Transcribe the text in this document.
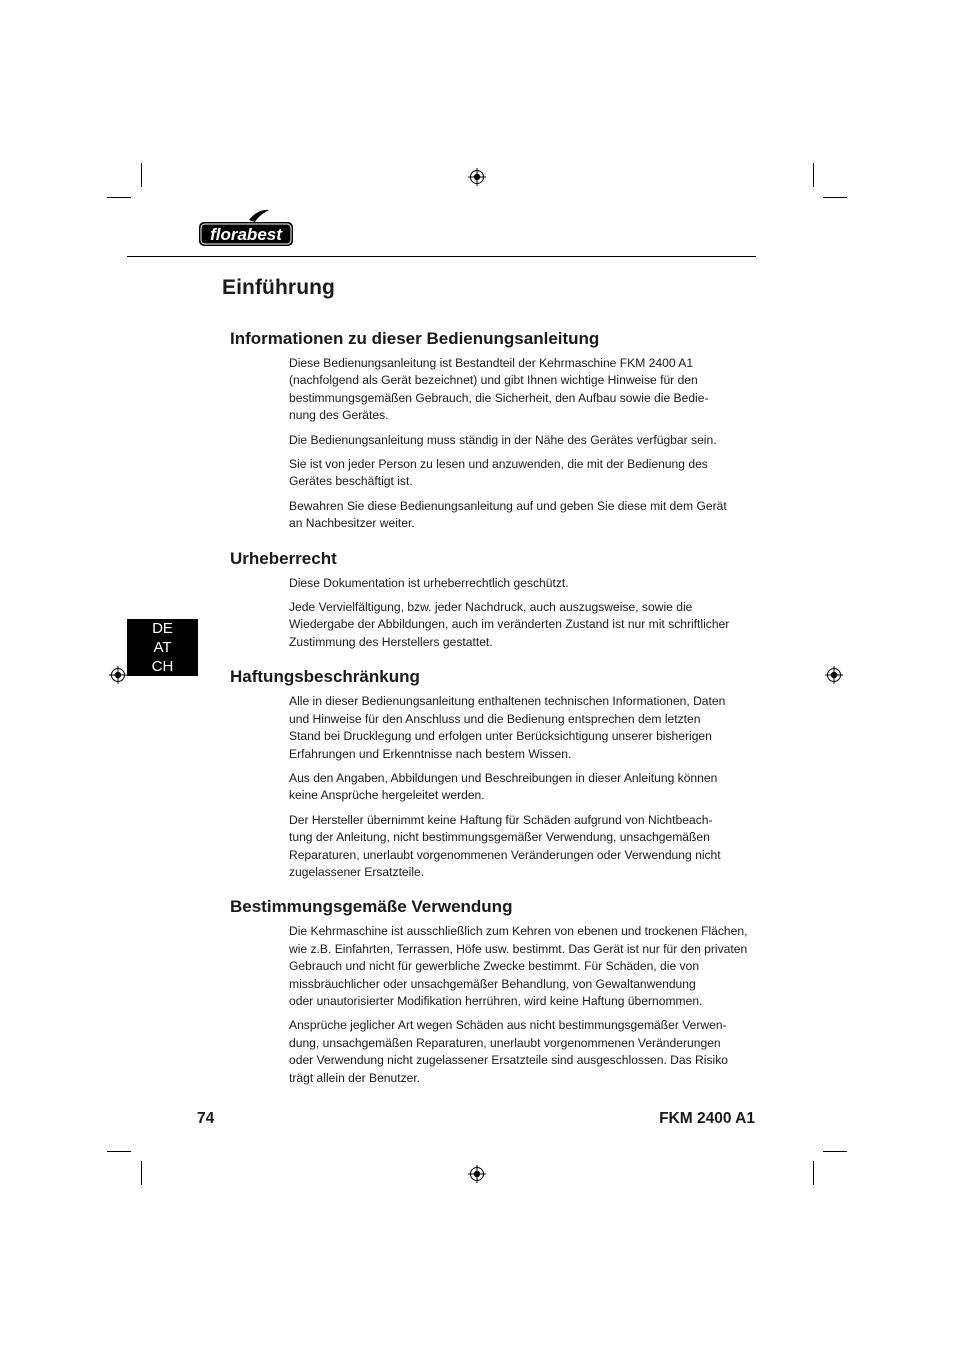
florabest
Einführung
DE
AT
CH
Informationen zu dieser Bedienungsanleitung

Diese Bedienungsanleitung ist Bestandteil der Kehrmaschine FKM 2400 A1
(nachfolgend als Gerät bezeichnet) und gibt Ihnen wichtige Hinweise für den
bestimmungsgemäßen Gebrauch, die Sicherheit, den Aufbau sowie die Bedie-
nung des Gerätes.

Die Bedienungsanleitung muss ständig in der Nähe des Gerätes verfügbar sein.

Sie ist von jeder Person zu lesen und anzuwenden, die mit der Bedienung des
Gerätes beschäftigt ist.

Bewahren Sie diese Bedienungsanleitung auf und geben Sie diese mit dem Gerät
an Nachbesitzer weiter.

Urheberrecht

Diese Dokumentation ist urheberrechtlich geschützt.

Jede Vervielfältigung, bzw. jeder Nachdruck, auch auszugsweise, sowie die
Wiedergabe der Abbildungen, auch im veränderten Zustand ist nur mit schriftlicher
Zustimmung des Herstellers gestattet.

Haftungsbeschränkung

Alle in dieser Bedienungsanleitung enthaltenen technischen Informationen, Daten
und Hinweise für den Anschluss und die Bedienung entsprechen dem letzten
Stand bei Drucklegung und erfolgen unter Berücksichtigung unserer bisherigen
Erfahrungen und Erkenntnisse nach bestem Wissen.

Aus den Angaben, Abbildungen und Beschreibungen in dieser Anleitung können
keine Ansprüche hergeleitet werden.

Der Hersteller übernimmt keine Haftung für Schäden aufgrund von Nichtbeach-
tung der Anleitung, nicht bestimmungsgemäßer Verwendung, unsachgemäßen
Reparaturen, unerlaubt vorgenommenen Veränderungen oder Verwendung nicht
zugelassener Ersatzteile.

Bestimmungsgemäße Verwendung

Die Kehrmaschine ist ausschließlich zum Kehren von ebenen und trockenen Flächen,
wie z.B. Einfahrten, Terrassen, Höfe usw. bestimmt. Das Gerät ist nur für den privaten
Gebrauch und nicht für gewerbliche Zwecke bestimmt. Für Schäden, die von
missbräuchlicher oder unsachgemäßer Behandlung, von Gewaltanwendung
oder unautorisierter Modifikation herrühren, wird keine Haftung übernommen.

Ansprüche jeglicher Art wegen Schäden aus nicht bestimmungsgemäßer Verwen-
dung, unsachgemäßen Reparaturen, unerlaubt vorgenommenen Veränderungen
oder Verwendung nicht zugelassener Ersatzteile sind ausgeschlossen. Das Risiko
trägt allein der Benutzer.

74	FKM 2400 A1
